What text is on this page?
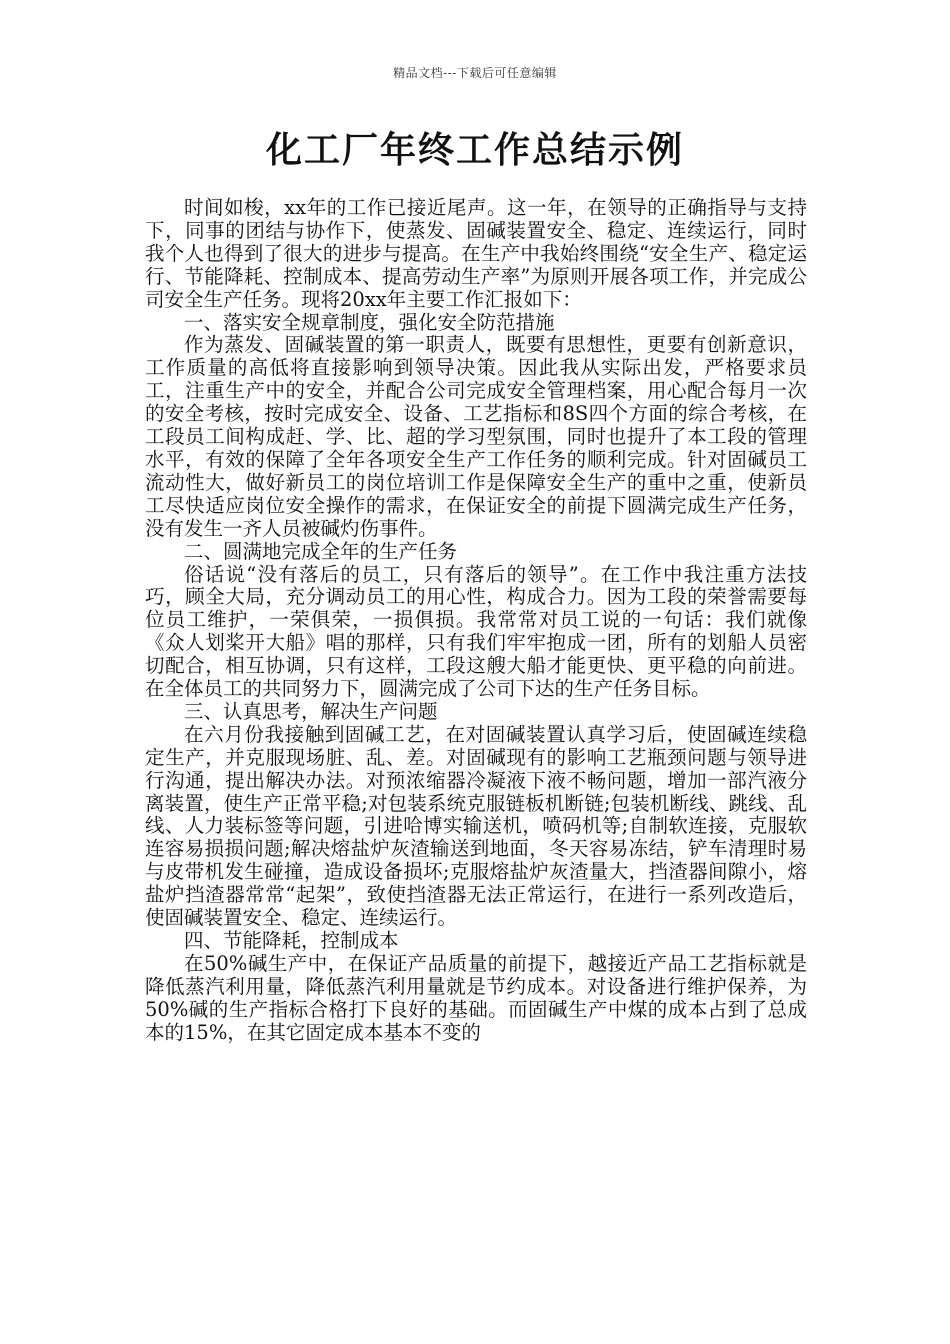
精品文档---下载后可任意编辑
化工厂年终工作总结示例

时间如梭，xx年的工作已接近尾声。这一年，在领导的正确指导与支持下，同事的团结与协作下，使蒸发、固碱装置安全、稳定、连续运行，同时我个人也得到了很大的进步与提高。在生产中我始终围绕“安全生产、稳定运行、节能降耗、控制成本、提高劳动生产率”为原则开展各项工作，并完成公司安全生产任务。现将20xx年主要工作汇报如下：

一、落实安全规章制度，强化安全防范措施

作为蒸发、固碱装置的第一职责人，既要有思想性，更要有创新意识，工作质量的高低将直接影响到领导决策。因此我从实际出发，严格要求员工，注重生产中的安全，并配合公司完成安全管理档案，用心配合每月一次的安全考核，按时完成安全、设备、工艺指标和8S四个方面的综合考核，在工段员工间构成赶、学、比、超的学习型氛围，同时也提升了本工段的管理水平，有效的保障了全年各项安全生产工作任务的顺利完成。针对固碱员工流动性大，做好新员工的岗位培训工作是保障安全生产的重中之重，使新员工尽快适应岗位安全操作的需求，在保证安全的前提下圆满完成生产任务，没有发生一齐人员被碱灼伤事件。

二、圆满地完成全年的生产任务

俗话说“没有落后的员工，只有落后的领导”。在工作中我注重方法技巧，顾全大局，充分调动员工的用心性，构成合力。因为工段的荣誉需要每位员工维护，一荣俱荣，一损俱损。我常常对员工说的一句话：我们就像《众人划桨开大船》唱的那样，只有我们牢牢抱成一团，所有的划船人员密切配合，相互协调，只有这样，工段这艘大船才能更快、更平稳的向前进。在全体员工的共同努力下，圆满完成了公司下达的生产任务目标。

三、认真思考，解决生产问题

在六月份我接触到固碱工艺，在对固碱装置认真学习后，使固碱连续稳定生产，并克服现场脏、乱、差。对固碱现有的影响工艺瓶颈问题与领导进行沟通，提出解决办法。对预浓缩器冷凝液下液不畅问题，增加一部汽液分离装置，使生产正常平稳;对包装系统克服链板机断链;包装机断线、跳线、乱线、人力装标签等问题，引进哈博实输送机，喷码机等;自制软连接，克服软连容易损损问题;解决熔盐炉灰渣输送到地面，冬天容易冻结，铲车清理时易与皮带机发生碰撞，造成设备损坏;克服熔盐炉灰渣量大，挡渣器间隙小，熔盐炉挡渣器常常“起架”，致使挡渣器无法正常运行，在进行一系列改造后，使固碱装置安全、稳定、连续运行。

四、节能降耗，控制成本

在50%碱生产中，在保证产品质量的前提下，越接近产品工艺指标就是降低蒸汽利用量，降低蒸汽利用量就是节约成本。对设备进行维护保养，为50%碱的生产指标合格打下良好的基础。而固碱生产中煤的成本占到了总成本的15%，在其它固定成本基本不变的
